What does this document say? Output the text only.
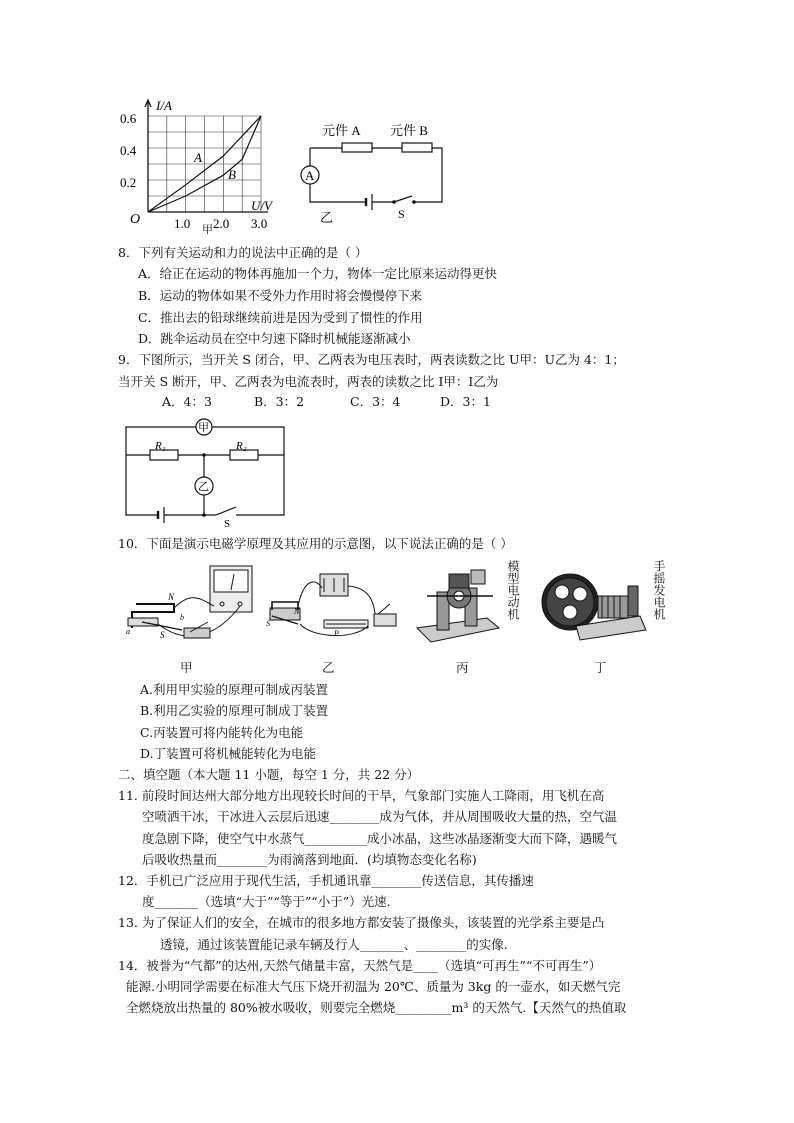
I/A
U/V
O
0.6
0.4
0.2
1.0 2.0 3.0
A
B
甲
A
元件 A 元件 B
S
乙
8．下列有关运动和力的说法中正确的是（ ）
A．给正在运动的物体再施加一个力，物体一定比原来运动得更快
B．运动的物体如果不受外力作用时将会慢慢停下来
C．推出去的铅球继续前进是因为受到了惯性的作用
D．跳伞运动员在空中匀速下降时机械能逐渐减小
9．下图所示，当开关 S 闭合，甲、乙两表为电压表时，两表读数之比 U甲：U乙为 4：1；
当开关 S 断开，甲、乙两表为电流表时，两表的读数之比 I甲：I乙为
A．4：3	B．3：2	C．3：4	D．3：1
甲
乙
R₁	R₂
S
10．下面是演示电磁学原理及其应用的示意图，以下说法正确的是（ ）
N
S
a
b
甲
N
S
P
乙
模型电动机
丙
手摇发电机
丁
A.利用甲实验的原理可制成丙装置
B.利用乙实验的原理可制成丁装置
C.丙装置可将内能转化为电能
D.丁装置可将机械能转化为电能
二、填空题（本大题 11 小题，每空 1 分，共 22 分）
11. 前段时间达州大部分地方出现较长时间的干旱，气象部门实施人工降雨，用飞机在高
空喷洒干冰，干冰进入云层后迅速________成为气体，并从周围吸收大量的热，空气温
度急剧下降，使空气中水蒸气__________成小冰晶，这些冰晶逐渐变大而下降，遇暖气
后吸收热量而________为雨滴落到地面．(均填物态变化名称)
12．手机已广泛应用于现代生活，手机通讯靠________传送信息，其传播速
度_______（选填“大于”“等于”“小于”）光速.
13. 为了保证人们的安全，在城市的很多地方都安装了摄像头，该装置的光学系主要是凸
透镜，通过该装置能记录车辆及行人_______、________的实像.
14．被誉为“气都”的达州,天然气储量丰富，天然气是____（选填“可再生”“不可再生”）
能源.小明同学需要在标准大气压下烧开初温为 20℃、质量为 3kg 的一壶水，如天燃气完
全燃烧放出热量的 80%被水吸收，则要完全燃烧_________m³ 的天然气.【天然气的热值取
